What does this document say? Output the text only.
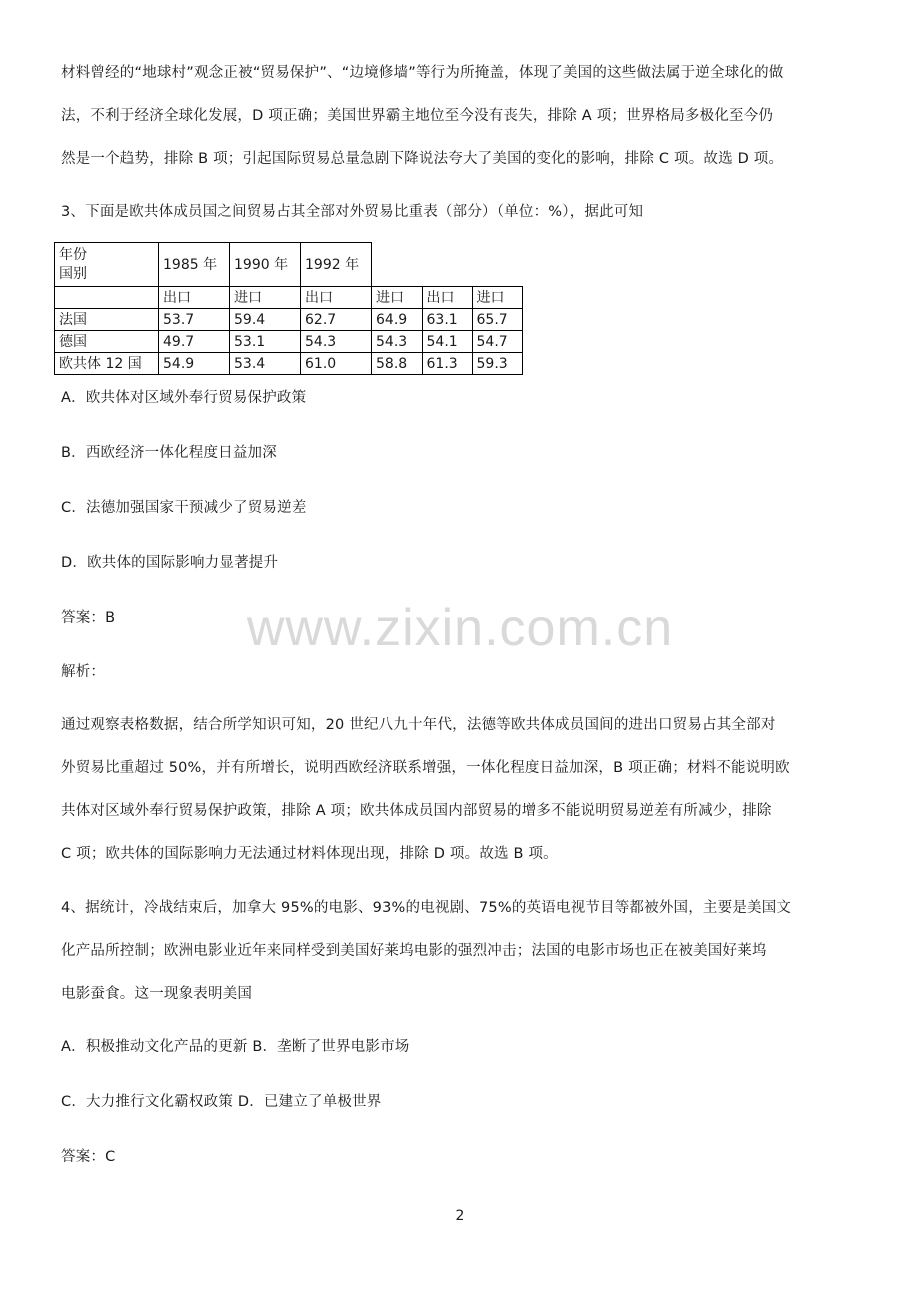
材料曾经的“地球村”观念正被“贸易保护”、“边境修墙”等行为所掩盖，体现了美国的这些做法属于逆全球化的做
法，不利于经济全球化发展，D 项正确；美国世界霸主地位至今没有丧失，排除 A 项；世界格局多极化至今仍
然是一个趋势，排除 B 项；引起国际贸易总量急剧下降说法夸大了美国的变化的影响，排除 C 项。故选 D 项。
3、下面是欧共体成员国之间贸易占其全部对外贸易比重表（部分）（单位：%），据此可知
年份
国别	1985 年	1990 年	1992 年			
	出口	进口	出口	进口	出口	进口
法国	53.7	59.4	62.7	64.9	63.1	65.7
德国	49.7	53.1	54.3	54.3	54.1	54.7
欧共体 12 国	54.9	53.4	61.0	58.8	61.3	59.3
A．欧共体对区域外奉行贸易保护政策
B．西欧经济一体化程度日益加深
C．法德加强国家干预减少了贸易逆差
D．欧共体的国际影响力显著提升
www.zixin.com.cn
答案：B
解析：
通过观察表格数据，结合所学知识可知，20 世纪八九十年代，法德等欧共体成员国间的进出口贸易占其全部对
外贸易比重超过 50%，并有所增长，说明西欧经济联系增强，一体化程度日益加深，B 项正确；材料不能说明欧
共体对区域外奉行贸易保护政策，排除 A 项；欧共体成员国内部贸易的增多不能说明贸易逆差有所减少，排除
C 项；欧共体的国际影响力无法通过材料体现出现，排除 D 项。故选 B 项。
4、据统计，冷战结束后，加拿大 95%的电影、93%的电视剧、75%的英语电视节目等都被外国，主要是美国文
化产品所控制；欧洲电影业近年来同样受到美国好莱坞电影的强烈冲击；法国的电影市场也正在被美国好莱坞
电影蚕食。这一现象表明美国
A．积极推动文化产品的更新 B．垄断了世界电影市场
C．大力推行文化霸权政策 D．已建立了单极世界
答案：C
2
